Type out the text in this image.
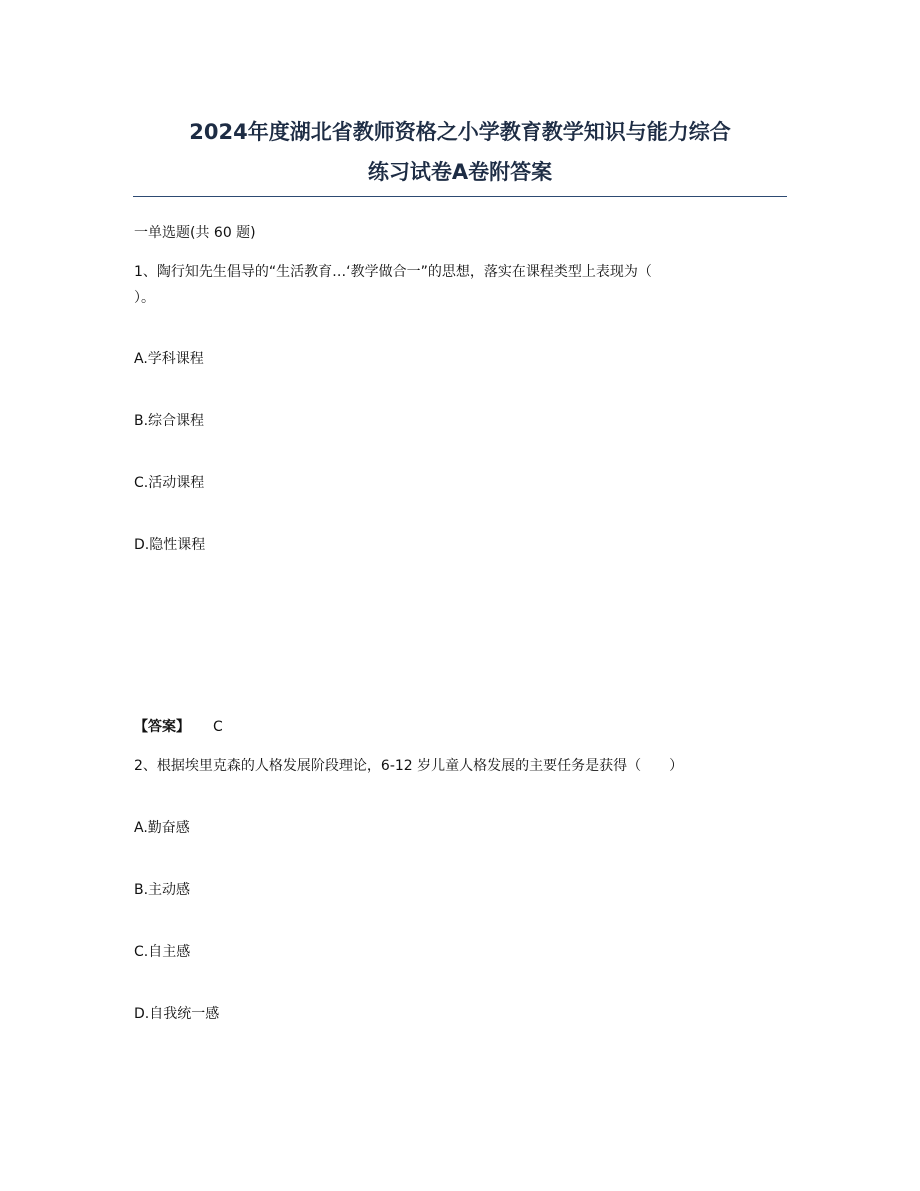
2024年度湖北省教师资格之小学教育教学知识与能力综合
练习试卷A卷附答案
一单选题(共 60 题)
1、陶行知先生倡导的“生活教育…‘教学做合一”的思想，落实在课程类型上表现为（
）。
A.学科课程
B.综合课程
C.活动课程
D.隐性课程
【答案】 C
2、根据埃里克森的人格发展阶段理论，6-12 岁儿童人格发展的主要任务是获得（　　）
A.勤奋感
B.主动感
C.自主感
D.自我统一感
